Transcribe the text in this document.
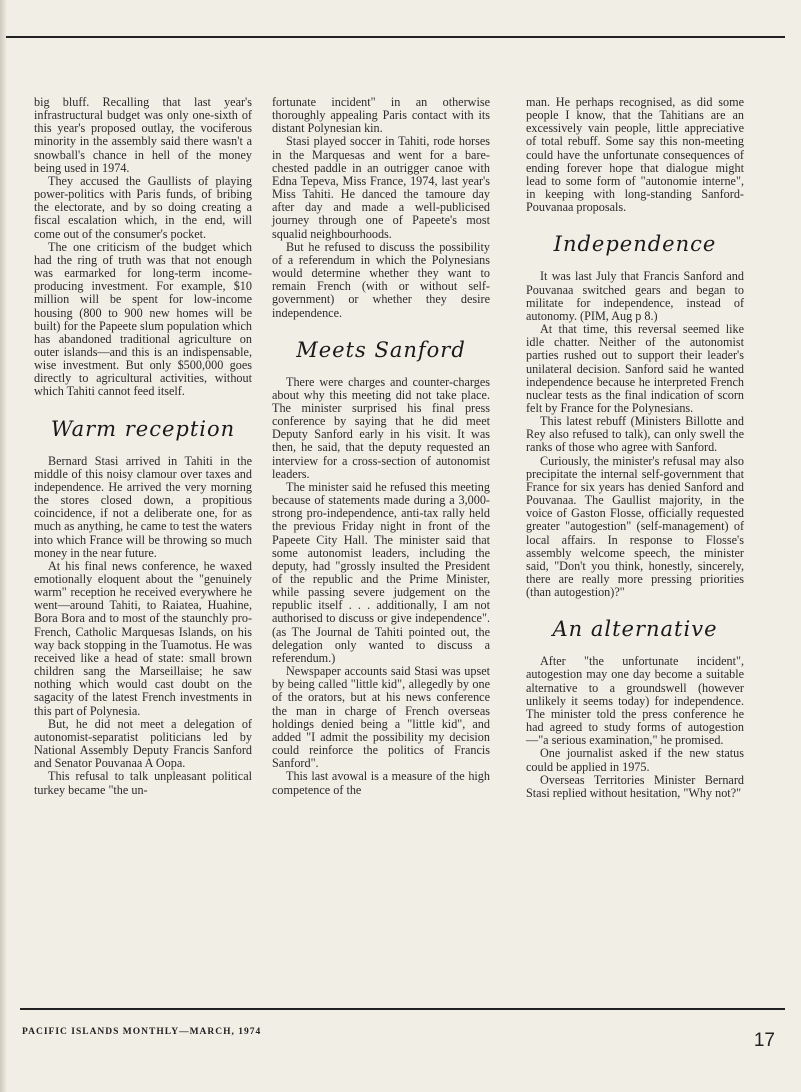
big bluff. Recalling that last year's infrastructural budget was only one-sixth of this year's proposed outlay, the vociferous minority in the assembly said there wasn't a snowball's chance in hell of the money being used in 1974.

They accused the Gaullists of playing power-politics with Paris funds, of bribing the electorate, and by so doing creating a fiscal escalation which, in the end, will come out of the consumer's pocket.

The one criticism of the budget which had the ring of truth was that not enough was earmarked for long-term income-producing investment. For example, $10 million will be spent for low-income housing (800 to 900 new homes will be built) for the Papeete slum population which has abandoned traditional agriculture on outer islands—and this is an indispensable, wise investment. But only $500,000 goes directly to agricultural activities, without which Tahiti cannot feed itself.

Warm reception

Bernard Stasi arrived in Tahiti in the middle of this noisy clamour over taxes and independence. He arrived the very morning the stores closed down, a propitious coincidence, if not a deliberate one, for as much as anything, he came to test the waters into which France will be throwing so much money in the near future.

At his final news conference, he waxed emotionally eloquent about the "genuinely warm" reception he received everywhere he went—around Tahiti, to Raiatea, Huahine, Bora Bora and to most of the staunchly pro-French, Catholic Marquesas Islands, on his way back stopping in the Tuamotus. He was received like a head of state: small brown children sang the Marseillaise; he saw nothing which would cast doubt on the sagacity of the latest French investments in this part of Polynesia.

But, he did not meet a delegation of autonomist-separatist politicians led by National Assembly Deputy Francis Sanford and Senator Pouvanaa A Oopa.

This refusal to talk unpleasant political turkey became "the un-

fortunate incident" in an otherwise thoroughly appealing Paris contact with its distant Polynesian kin.

Stasi played soccer in Tahiti, rode horses in the Marquesas and went for a bare-chested paddle in an outrigger canoe with Edna Tepeva, Miss France, 1974, last year's Miss Tahiti. He danced the tamoure day after day and made a well-publicised journey through one of Papeete's most squalid neighbourhoods.

But he refused to discuss the possibility of a referendum in which the Polynesians would determine whether they want to remain French (with or without self-government) or whether they desire independence.

Meets Sanford

There were charges and counter-charges about why this meeting did not take place. The minister surprised his final press conference by saying that he did meet Deputy Sanford early in his visit. It was then, he said, that the deputy requested an interview for a cross-section of autonomist leaders.

The minister said he refused this meeting because of statements made during a 3,000-strong pro-independence, anti-tax rally held the previous Friday night in front of the Papeete City Hall. The minister said that some autonomist leaders, including the deputy, had "grossly insulted the President of the republic and the Prime Minister, while passing severe judgement on the republic itself . . . additionally, I am not authorised to discuss or give independence". (as The Journal de Tahiti pointed out, the delegation only wanted to discuss a referendum.)

Newspaper accounts said Stasi was upset by being called "little kid", allegedly by one of the orators, but at his news conference the man in charge of French overseas holdings denied being a "little kid", and added "I admit the possibility my decision could reinforce the politics of Francis Sanford".

This last avowal is a measure of the high competence of the

man. He perhaps recognised, as did some people I know, that the Tahitians are an excessively vain people, little appreciative of total rebuff. Some say this non-meeting could have the unfortunate consequences of ending forever hope that dialogue might lead to some form of "autonomie interne", in keeping with long-standing Sanford-Pouvanaa proposals.

Independence

It was last July that Francis Sanford and Pouvanaa switched gears and began to militate for independence, instead of autonomy. (PIM, Aug p 8.)

At that time, this reversal seemed like idle chatter. Neither of the autonomist parties rushed out to support their leader's unilateral decision. Sanford said he wanted independence because he interpreted French nuclear tests as the final indication of scorn felt by France for the Polynesians.

This latest rebuff (Ministers Billotte and Rey also refused to talk), can only swell the ranks of those who agree with Sanford.

Curiously, the minister's refusal may also precipitate the internal self-government that France for six years has denied Sanford and Pouvanaa. The Gaullist majority, in the voice of Gaston Flosse, officially requested greater "autogestion" (self-management) of local affairs. In response to Flosse's assembly welcome speech, the minister said, "Don't you think, honestly, sincerely, there are really more pressing priorities (than autogestion)?"

An alternative

After "the unfortunate incident", autogestion may one day become a suitable alternative to a groundswell (however unlikely it seems today) for independence. The minister told the press conference he had agreed to study forms of autogestion—"a serious examination," he promised.

One journalist asked if the new status could be applied in 1975.

Overseas Territories Minister Bernard Stasi replied without hesitation, "Why not?"

PACIFIC ISLANDS MONTHLY—MARCH, 1974	17
